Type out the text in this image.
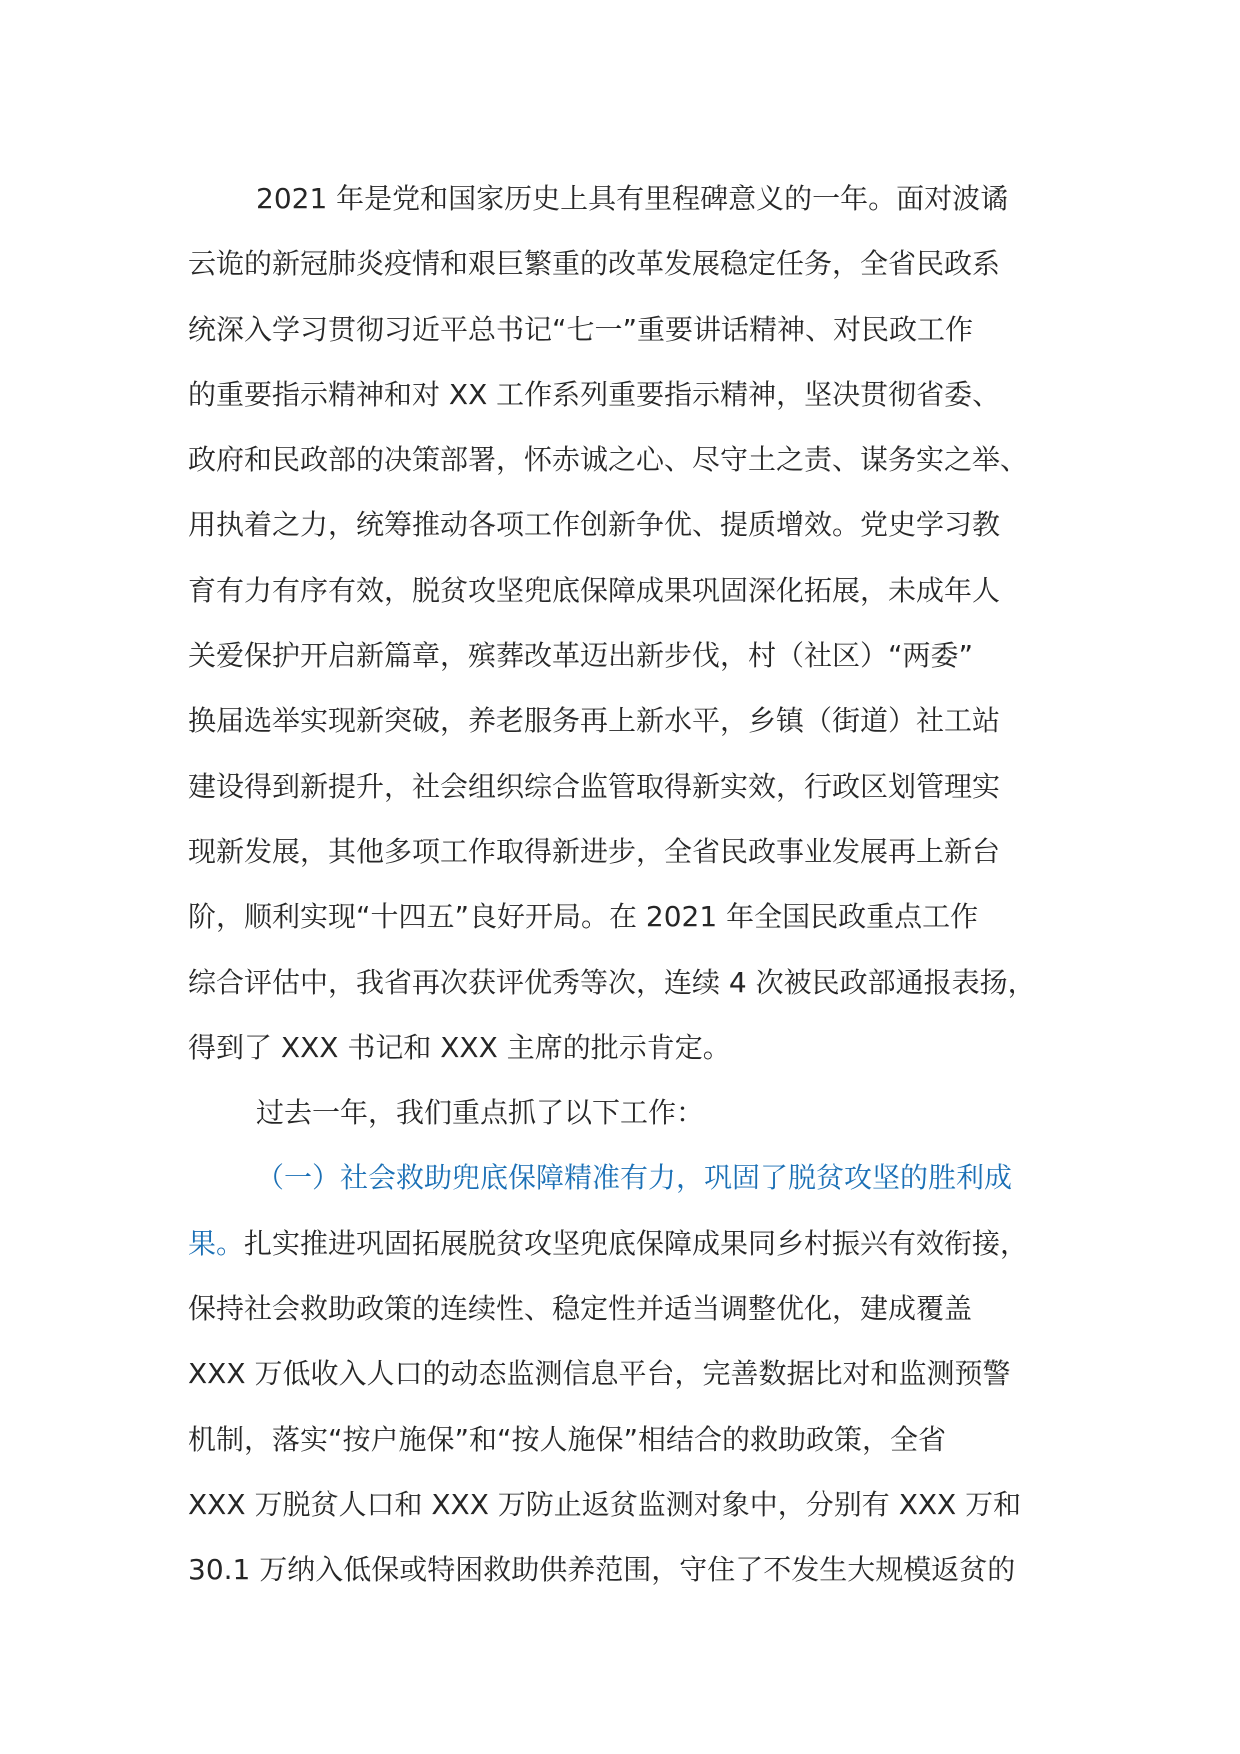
2021 年是党和国家历史上具有里程碑意义的一年。面对波谲
云诡的新冠肺炎疫情和艰巨繁重的改革发展稳定任务，全省民政系
统深入学习贯彻习近平总书记“七一”重要讲话精神、对民政工作
的重要指示精神和对 XX 工作系列重要指示精神，坚决贯彻省委、
政府和民政部的决策部署，怀赤诚之心、尽守土之责、谋务实之举、
用执着之力，统筹推动各项工作创新争优、提质增效。党史学习教
育有力有序有效，脱贫攻坚兜底保障成果巩固深化拓展，未成年人
关爱保护开启新篇章，殡葬改革迈出新步伐，村（社区）“两委”
换届选举实现新突破，养老服务再上新水平，乡镇（街道）社工站
建设得到新提升，社会组织综合监管取得新实效，行政区划管理实
现新发展，其他多项工作取得新进步，全省民政事业发展再上新台
阶，顺利实现“十四五”良好开局。在 2021 年全国民政重点工作
综合评估中，我省再次获评优秀等次，连续 4 次被民政部通报表扬，
得到了 XXX 书记和 XXX 主席的批示肯定。
过去一年，我们重点抓了以下工作：
（一）社会救助兜底保障精准有力，巩固了脱贫攻坚的胜利成
果。扎实推进巩固拓展脱贫攻坚兜底保障成果同乡村振兴有效衔接，
保持社会救助政策的连续性、稳定性并适当调整优化，建成覆盖
XXX 万低收入人口的动态监测信息平台，完善数据比对和监测预警
机制，落实“按户施保”和“按人施保”相结合的救助政策，全省
XXX 万脱贫人口和 XXX 万防止返贫监测对象中，分别有 XXX 万和
30.1 万纳入低保或特困救助供养范围，守住了不发生大规模返贫的
